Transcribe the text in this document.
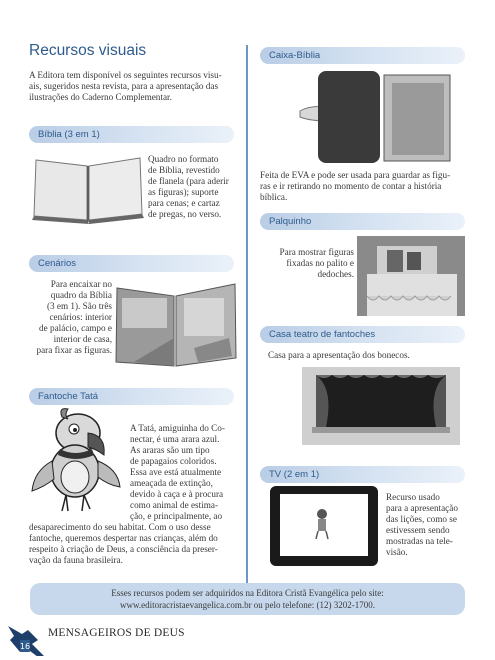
Recursos visuais
A Editora tem disponível os seguintes recursos visu-
ais, sugeridos nesta revista, para a apresentação das
ilustrações do Caderno Complementar.
Bíblia (3 em 1)
Quadro no formato
de Bíblia, revestido
de flanela (para aderir
as figuras); suporte
para cenas; e cartaz
de pregas, no verso.
Cenários
Para encaixar no
quadro da Bíblia
(3 em 1). São três
cenários: interior
de palácio, campo e
interior de casa,
para fixar as figuras.
Fantoche Tatá
A Tatá, amiguinha do Co-
nectar, é uma arara azul.
As araras são um tipo
de papagaios coloridos.
Essa ave está atualmente
ameaçada de extinção,
devido à caça e à procura
como animal de estima-
ção, e principalmente, ao
desaparecimento do seu habitat. Com o uso desse
fantoche, queremos despertar nas crianças, além do
respeito à criação de Deus, a consciência da preser-
vação da fauna brasileira.
Caixa-Bíblia
Feita de EVA e pode ser usada para guardar as figu-
ras e ir retirando no momento de contar a história
bíblica.
Palquinho
Para mostrar figuras
fixadas no palito e
dedoches.
Casa teatro de fantoches
Casa para a apresentação dos bonecos.
TV (2 em 1)
Recurso usado
para a apresentação
das lições, como se
estivessem sendo
mostradas na tele-
visão.
Esses recursos podem ser adquiridos na Editora Cristã Evangélica pelo site:
www.editoracristaevangelica.com.br ou pelo telefone: (12) 3202-1700.
16
MENSAGEIROS DE DEUS
